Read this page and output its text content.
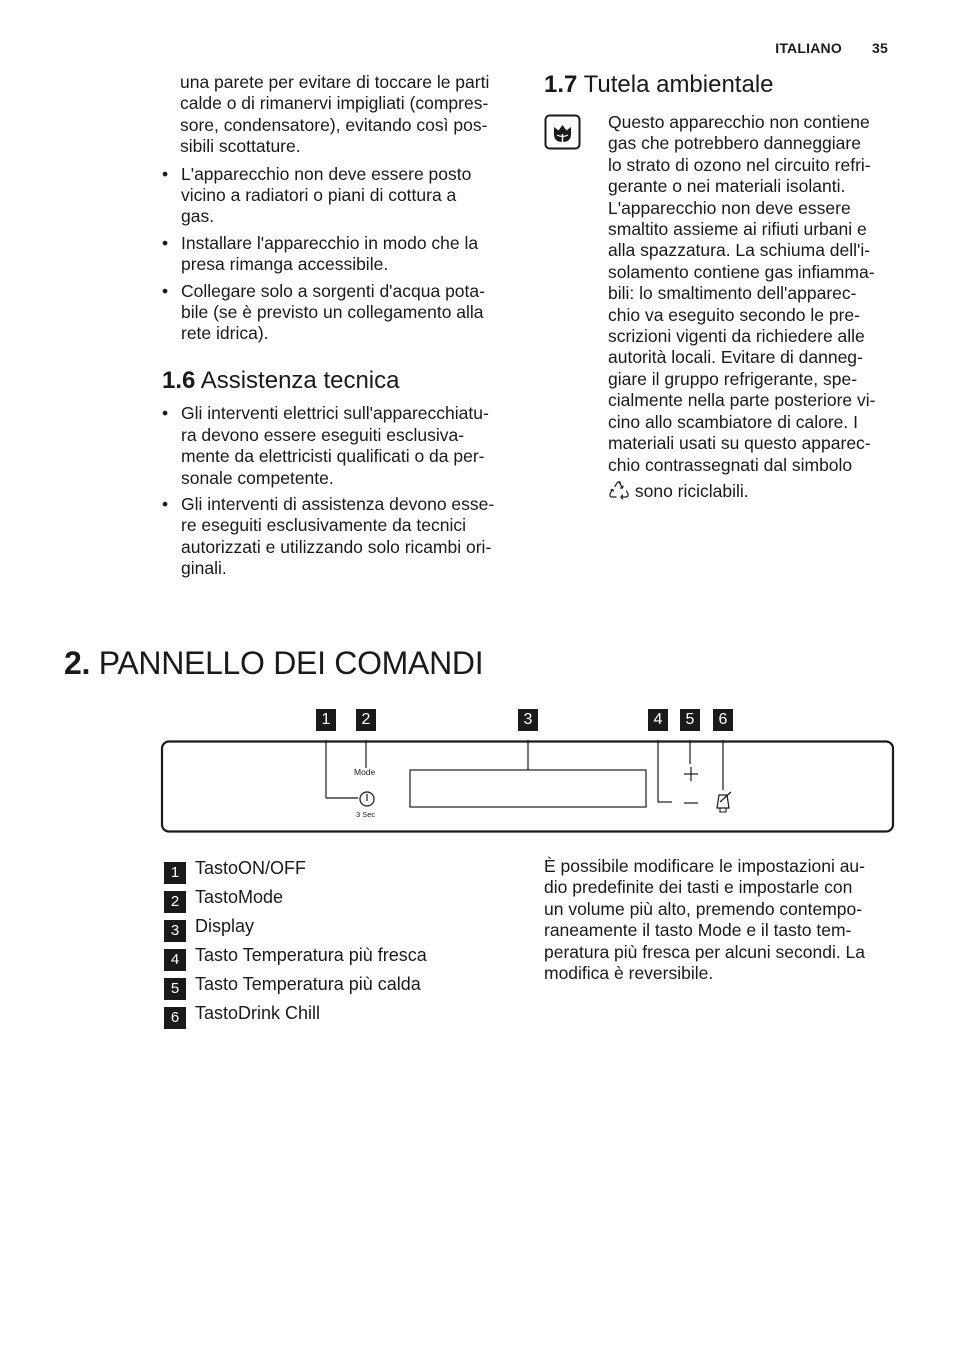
ITALIANO 35

una parete per evitare di toccare le parti
calde o di rimanervi impigliati (compres-
sore, condensatore), evitando così pos-
sibili scottature.

• L'apparecchio non deve essere posto
vicino a radiatori o piani di cottura a
gas.
• Installare l'apparecchio in modo che la
presa rimanga accessibile.
• Collegare solo a sorgenti d'acqua pota-
bile (se è previsto un collegamento alla
rete idrica).
1.6 Assistenza tecnica
• Gli interventi elettrici sull'apparecchiatu-
ra devono essere eseguiti esclusiva-
mente da elettricisti qualificati o da per-
sonale competente.
• Gli interventi di assistenza devono esse-
re eseguiti esclusivamente da tecnici
autorizzati e utilizzando solo ricambi ori-
ginali.
1.7 Tutela ambientale
Questo apparecchio non contiene
gas che potrebbero danneggiare
lo strato di ozono nel circuito refri-
gerante o nei materiali isolanti.
L'apparecchio non deve essere
smaltito assieme ai rifiuti urbani e
alla spazzatura. La schiuma dell'i-
solamento contiene gas infiamma-
bili: lo smaltimento dell'apparec-
chio va eseguito secondo le pre-
scrizioni vigenti da richiedere alle
autorità locali. Evitare di danneg-
giare il gruppo refrigerante, spe-
cialmente nella parte posteriore vi-
cino allo scambiatore di calore. I
materiali usati su questo apparec-
chio contrassegnati dal simbolo
sono riciclabili.
2. PANNELLO DEI COMANDI
1	2	3	4	5	6
Mode
3 Sec
1 TastoON/OFF
2 TastoMode
3 Display
4 Tasto Temperatura più fresca
5 Tasto Temperatura più calda
6 TastoDrink Chill
È possibile modificare le impostazioni au-
dio predefinite dei tasti e impostarle con
un volume più alto, premendo contempo-
raneamente il tasto Mode e il tasto tem-
peratura più fresca per alcuni secondi. La
modifica è reversibile.
